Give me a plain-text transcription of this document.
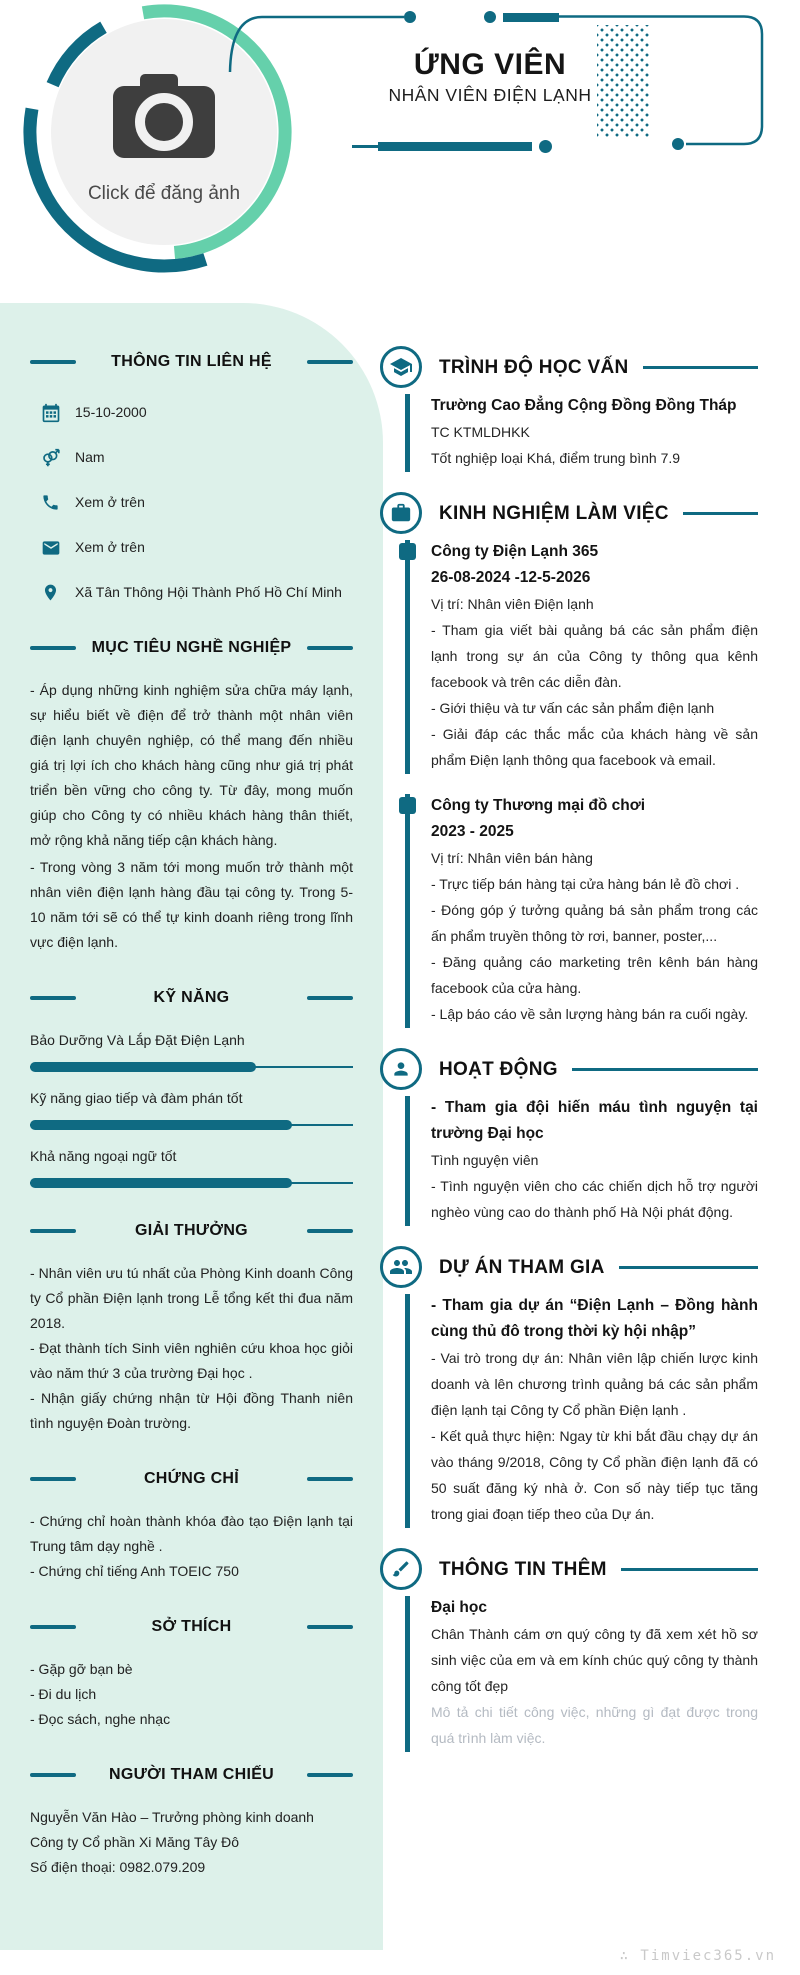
Click để đăng ảnh
ỨNG VIÊN
NHÂN VIÊN ĐIỆN LẠNH
THÔNG TIN LIÊN HỆ
15-10-2000
Nam
Xem ở trên
Xem ở trên
Xã Tân Thông Hội Thành Phố Hồ Chí Minh
MỤC TIÊU NGHỀ NGHIỆP
- Áp dụng những kinh nghiệm sửa chữa máy lạnh, sự hiểu biết về điện để trở thành một nhân viên điện lạnh chuyên nghiệp, có thể mang đến nhiều giá trị lợi ích cho khách hàng cũng như giá trị phát triển bền vững cho công ty. Từ đây, mong muốn giúp cho Công ty có nhiều khách hàng thân thiết, mở rộng khả năng tiếp cận khách hàng.
- Trong vòng 3 năm tới mong muốn trở thành một nhân viên điện lạnh hàng đầu tại công ty. Trong 5-10 năm tới sẽ có thể tự kinh doanh riêng trong lĩnh vực điện lạnh.
KỸ NĂNG
Bảo Dưỡng Và Lắp Đặt Điện Lạnh
Kỹ năng giao tiếp và đàm phán tốt
Khả năng ngoại ngữ tốt
GIẢI THƯỞNG
- Nhân viên ưu tú nhất của Phòng Kinh doanh Công ty Cổ phần Điện lạnh trong Lễ tổng kết thi đua năm 2018.
- Đạt thành tích Sinh viên nghiên cứu khoa học giỏi vào năm thứ 3 của trường Đại học .
- Nhận giấy chứng nhận từ Hội đồng Thanh niên tình nguyện Đoàn trường.
CHỨNG CHỈ
- Chứng chỉ hoàn thành khóa đào tạo Điện lạnh tại Trung tâm dạy nghề .
- Chứng chỉ tiếng Anh TOEIC 750
SỞ THÍCH
- Gặp gỡ bạn bè
- Đi du lịch
- Đọc sách, nghe nhạc
NGƯỜI THAM CHIẾU
Nguyễn Văn Hào – Trưởng phòng kinh doanh
Công ty Cổ phần Xi Măng Tây Đô
Số điện thoại: 0982.079.209
TRÌNH ĐỘ HỌC VẤN
Trường Cao Đẳng Cộng Đồng Đồng Tháp
TC KTMLDHKK
Tốt nghiệp loại Khá, điểm trung bình 7.9
KINH NGHIỆM LÀM VIỆC
Công ty Điện Lạnh 365
26-08-2024 -12-5-2026
Vị trí: Nhân viên Điện lạnh
- Tham gia viết bài quảng bá các sản phẩm điện lạnh trong sự án của Công ty thông qua kênh facebook và trên các diễn đàn.
- Giới thiệu và tư vấn các sản phẩm điện lạnh
- Giải đáp các thắc mắc của khách hàng về sản phẩm Điện lạnh thông qua facebook và email.
Công ty Thương mại đồ chơi
2023 - 2025
Vị trí: Nhân viên bán hàng
- Trực tiếp bán hàng tại cửa hàng bán lẻ đồ chơi .
- Đóng góp ý tưởng quảng bá sản phẩm trong các ấn phẩm truyền thông tờ rơi, banner, poster,...
- Đăng quảng cáo marketing trên kênh bán hàng facebook của cửa hàng.
- Lập báo cáo về sản lượng hàng bán ra cuối ngày.
HOẠT ĐỘNG
- Tham gia đội hiến máu tình nguyện tại trường Đại học
Tình nguyện viên
- Tình nguyện viên cho các chiến dịch hỗ trợ người nghèo vùng cao do thành phố Hà Nội phát động.
DỰ ÁN THAM GIA
- Tham gia dự án “Điện Lạnh – Đồng hành cùng thủ đô trong thời kỳ hội nhập”
- Vai trò trong dự án: Nhân viên lập chiến lược kinh doanh và lên chương trình quảng bá các sản phẩm điện lạnh tại Công ty Cổ phần Điện lạnh .
- Kết quả thực hiện: Ngay từ khi bắt đầu chạy dự án vào tháng 9/2018, Công ty Cổ phần điện lạnh đã có 50 suất đăng ký nhà ở. Con số này tiếp tục tăng trong giai đoạn tiếp theo của Dự án.
THÔNG TIN THÊM
Đại học
Chân Thành cám ơn quý công ty đã xem xét hồ sơ sinh việc của em và em kính chúc quý công ty thành công tốt đẹp
Mô tả chi tiết công việc, những gì đạt được trong quá trình làm việc.
∴ Timviec365.vn
